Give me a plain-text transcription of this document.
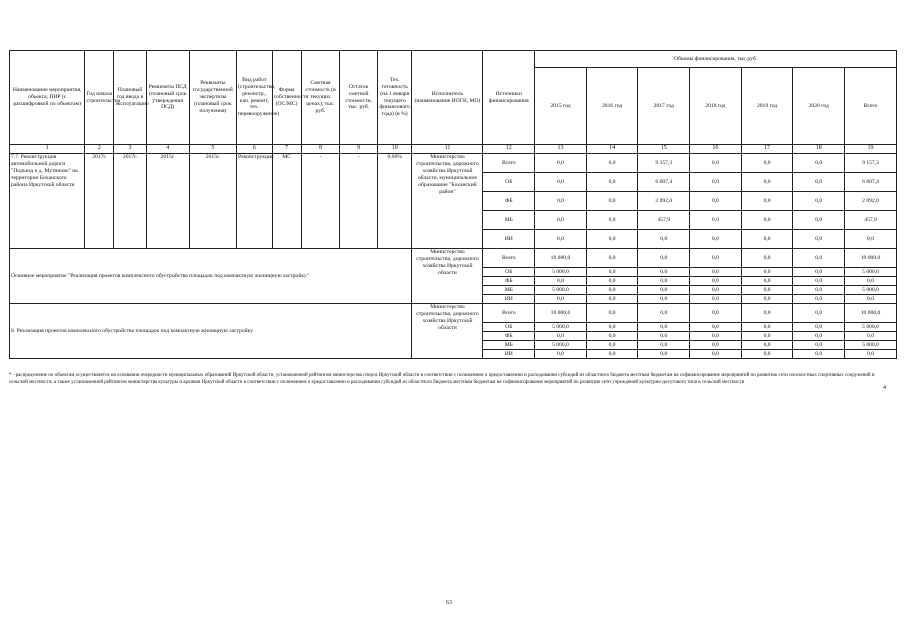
Наименование мероприятия, объекта, ПИР (с расшифровкой по объектам)	Год начала строительства	Плановый год ввода в эксплуатацию	Реквизиты ПСД (плановый срок утверждения ПСД)	Реквизиты государственной экспертизы (плановый срок получения)	Вид работ (строительство, реконстр., кап. ремонт, тех. перевооружение)	Форма собственности (ОС/МС)	Сметная стоимость (в текущих ценах), тыс. руб.	Остаток сметной стоимости, тыс. руб.	Тех. готовность (на 1 января текущего финансового года) (в %)	Исполнитель (наименование ИОГВ, МО)	Источники финансирования	Объемы финансирования, тыс.руб.						
												2015 год	2016 год	2017 год	2018 год	2019 год	2020 год	Всего
1	2	3	4	5	6	7	8	9	10	11	12	13	14	15	16	17	18	19
7.7. Реконструкция автомобильной дороги "Подъезд к д. Мутиново" на территории Боханского района Иркутской области	2017г.	2017г.	2015г.	2015г.	Реконструкция	МС	-	-	0,00%	Министерство строительства, дорожного хозяйства Иркутской области, муниципальное образование "Боханский район"	Всего	0,0	0,0	9 157,3	0,0	0,0	0,0	9 157,3
											ОБ	0,0	0,0	6 607,4	0,0	0,0	0,0	6 607,4
											ФБ	0,0	0,0	2 092,0	0,0	0,0	0,0	2 092,0
											МБ	0,0	0,0	457,9	0,0	0,0	0,0	457,9
											ИИ	0,0	0,0	0,0	0,0	0,0	0,0	0,0
Основное мероприятие "Реализация проектов комплексного обустройства площадок под компактную жилищную застройку"										Министерство строительства, дорожного хозяйства Иркутской области	Всего	10 000,0	0,0	0,0	0,0	0,0	0,0	10 000,0
											ОБ	5 000,0	0,0	0,0	0,0	0,0	0,0	5 000,0
											ФБ	0,0	0,0	0,0	0,0	0,0	0,0	0,0
											МБ	5 000,0	0,0	0,0	0,0	0,0	0,0	5 000,0
											ИИ	0,0	0,0	0,0	0,0	0,0	0,0	0,0
8. Реализация проектов комплексного обустройства площадок под компактную жилищную застройку										Министерство строительства, дорожного хозяйства Иркутской области	Всего	10 000,0	0,0	0,0	0,0	0,0	0,0	10 000,0
											ОБ	5 000,0	0,0	0,0	0,0	0,0	0,0	5 000,0
											ФБ	0,0	0,0	0,0	0,0	0,0	0,0	0,0
											МБ	5 000,0	0,0	0,0	0,0	0,0	0,0	5 000,0
											ИИ	0,0	0,0	0,0	0,0	0,0	0,0	0,0

* - распределение по объектам осуществляется на основании очередности муниципальных образований Иркутской области, установленной рейтингом министерства спорта Иркутской области в соответствии с положением о предоставлении и расходовании субсидий из областного бюджета местным бюджетам на софинансирование мероприятий по развитию сети плоскостных спортивных сооружений в сельской местности, а также установленной рейтингом министерства культуры и архивов Иркутской области в соответствии с положением о предоставлении и расходовании субсидий из областного бюджета местным бюджетам на софинансирование мероприятий по развитию сети учреждений культурно-досугового типа в сельской местности

4
63
